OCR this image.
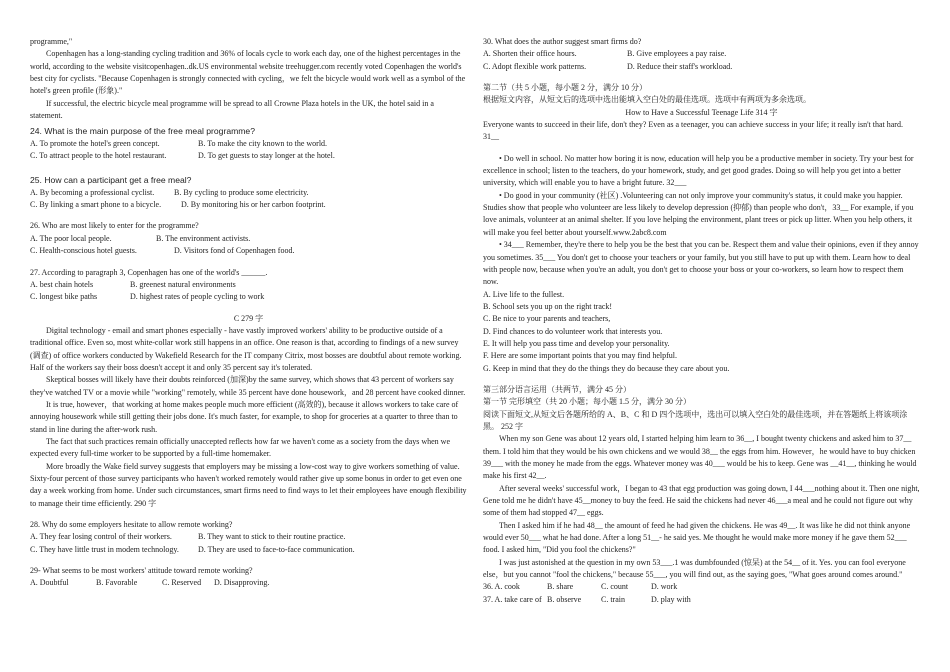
programme,"

Copenhagen has a long-standing cycling tradition and 36% of locals cycle to work each day, one of the highest percentages in the world, according to the website visitcopenhagen..dk.US environmental website treehugger.com recently voted Copenhagen the world's best city for cyclists. "Because Copenhagen is strongly connected with cycling，we felt the bicycle would work well as a symbol of the hotel's green profile (形象)."

If successful, the electric bicycle meal programme will be spread to all Crowne Plaza hotels in the UK, the hotel said in a statement.

24. What is the main purpose of the free meal programme?

A. To promote the hotel's green concept.	B. To make the city known to the world.
C. To attract people to the hotel restaurant.	D. To get guests to stay longer at the hotel.

25. How can a participant get a free meal?

A. By becoming a professional cyclist.	B. By cycling to produce some electricity.
C. By linking a smart phone to a bicycle.	D. By monitoring his or her carbon footprint.

26. Who are most likely to enter for the programme?

A. The poor local people.	B. The environment activists.
C. Health-conscious hotel guests.	D. Visitors fond of Copenhagen food.

27. According to paragraph 3, Copenhagen has one of the world's ______.

A. best chain hotels	B. greenest natural environments
C. longest bike paths	D. highest rates of people cycling to work

C 279 字

Digital technology - email and smart phones especially - have vastly improved workers' ability to be productive outside of a traditional office. Even so, most white-collar work still happens in an office. One reason is that, according to findings of a new survey (调查) of office workers conducted by Wakefield Research for the IT company Citrix, most bosses are doubtful about remote working. Half of the workers say their boss doesn't accept it and only 35 percent say it's tolerated.

Skeptical bosses will likely have their doubts reinforced (加深)by the same survey, which shows that 43 percent of workers say they've watched TV or a movie while "working" remotely, while 35 percent have done housework，and 28 percent have cooked dinner.

It is true, however，that working at home makes people much more efficient (高效的), because it allows workers to take care of annoying housework while still getting their jobs done. It's much faster, for example, to shop for groceries at a quarter to three than to stand in line during the after-work rush.

The fact that such practices remain officially unaccepted reflects how far we haven't come as a society from the days when we expected every full-time worker to be supported by a full-time homemaker.

More broadly the Wake field survey suggests that employers may be missing a low-cost way to give workers something of value. Sixty-four percent of those survey participants who haven't worked remotely would rather give up some bonus in order to get even one day a week working from home. Under such circumstances, smart firms need to find ways to let their employees have enough flexibility to manage their time efficiently. 290 字

28. Why do some employers hesitate to allow remote working?

A. They fear losing control of their workers.	B. They want to stick to their routine practice.
C. They have little trust in modem technology.	D. They are used to face-to-face communication.

29- What seems to be most workers' attitude toward remote working?

A. Doubtful	B. Favorable	C. Reserved	D. Disapproving.

30. What does the author suggest smart firms do?

A. Shorten their office hours.	B. Give employees a pay raise.
C. Adopt flexible work patterns.	D. Reduce their staff's workload.

第二节（共 5 小题，每小题 2 分，满分 10 分）

根据短文内容，从短文后的选项中选出能填入空白处的最佳选项。选项中有两项为多余选项。

How to Have a Successful Teenage Life 314 字

Everyone wants to succeed in their life, don't they? Even as a teenager, you can achieve success in your life; it really isn't that hard. 31__

• Do well in school. No matter how boring it is now, education will help you be a productive member in society. Try your best for excellence in school; listen to the teachers, do your homework, study, and get good grades. Doing so will help you get into a better university, which will enable you to have a bright future. 32___

• Do good in your community (社区) .Volunteering can not only improve your community's status, it could make you happier. Studies show that people who volunteer are less likely to develop depression (抑郁) than people who don't，33__ For example, if you love animals, volunteer at an animal shelter. If you love helping the environment, plant trees or pick up litter. When you help others, it will make you feel better about yourself.www.2abc8.com

• 34___ Remember, they're there to help you be the best that you can be. Respect them and value their opinions, even if they annoy you sometimes. 35___ You don't get to choose your teachers or your family, but you still have to put up with them. Learn how to deal with people now, because when you're an adult, you don't get to choose your boss or your co-workers, so learn how to respect them now.

A. Live life to the fullest.

B. School sets you up on the right track!

C. Be nice to your parents and teachers,

D. Find chances to do volunteer work that interests you.

E. It will help you pass time and develop your personality.

F. Here are some important points that you may find helpful.

G. Keep in mind that they do the things they do because they care about you.

第三部分语言运用（共两节，满分 45 分）

第一节 完形填空（共 20 小题；每小题 1.5 分，满分 30 分）

阅读下面短文,从短文后各题所给的 A、B、C 和 D 四个选项中，选出可以填入空白处的最佳选项，并在答题纸上将该项涂黑。 252 字

When my son Gene was about 12 years old, I started helping him learn to 36__, I bought twenty chickens and asked him to 37__ them. I told him that they would be his own chickens and we would 38__ the eggs from him. However，he would have to buy chicken 39___ with the money he made from the eggs. Whatever money was 40___ would be his to keep. Gene was __41__, thinking he would make his first 42__.

After several weeks' successful work，I began to 43 that egg production was going down, I 44___nothing about it. Then one night, Gene told me he didn't have 45__money to buy the feed. He said the chickens had never 46___a meal and he could not figure out why some of them had stopped 47__ eggs.

Then I asked him if he had 48__ the amount of feed he had given the chickens. He was 49__. It was like he did not think anyone would ever 50___ what he had done. After a long 51__- he said yes. Me thought he would make more money if he gave them 52___ food. I asked him, "Did you fool the chickens?"

I was just astonished at the question in my own 53___.1 was dumbfounded (惊呆) at the 54__ of it. Yes. you can fool everyone else，but you cannot "fool the chickens," because 55___, you will find out, as the saying goes, "What goes around comes around."

36. A. cook	B. share	C. count	D. work
37. A. take care of B. observe	C. train	D. play with
